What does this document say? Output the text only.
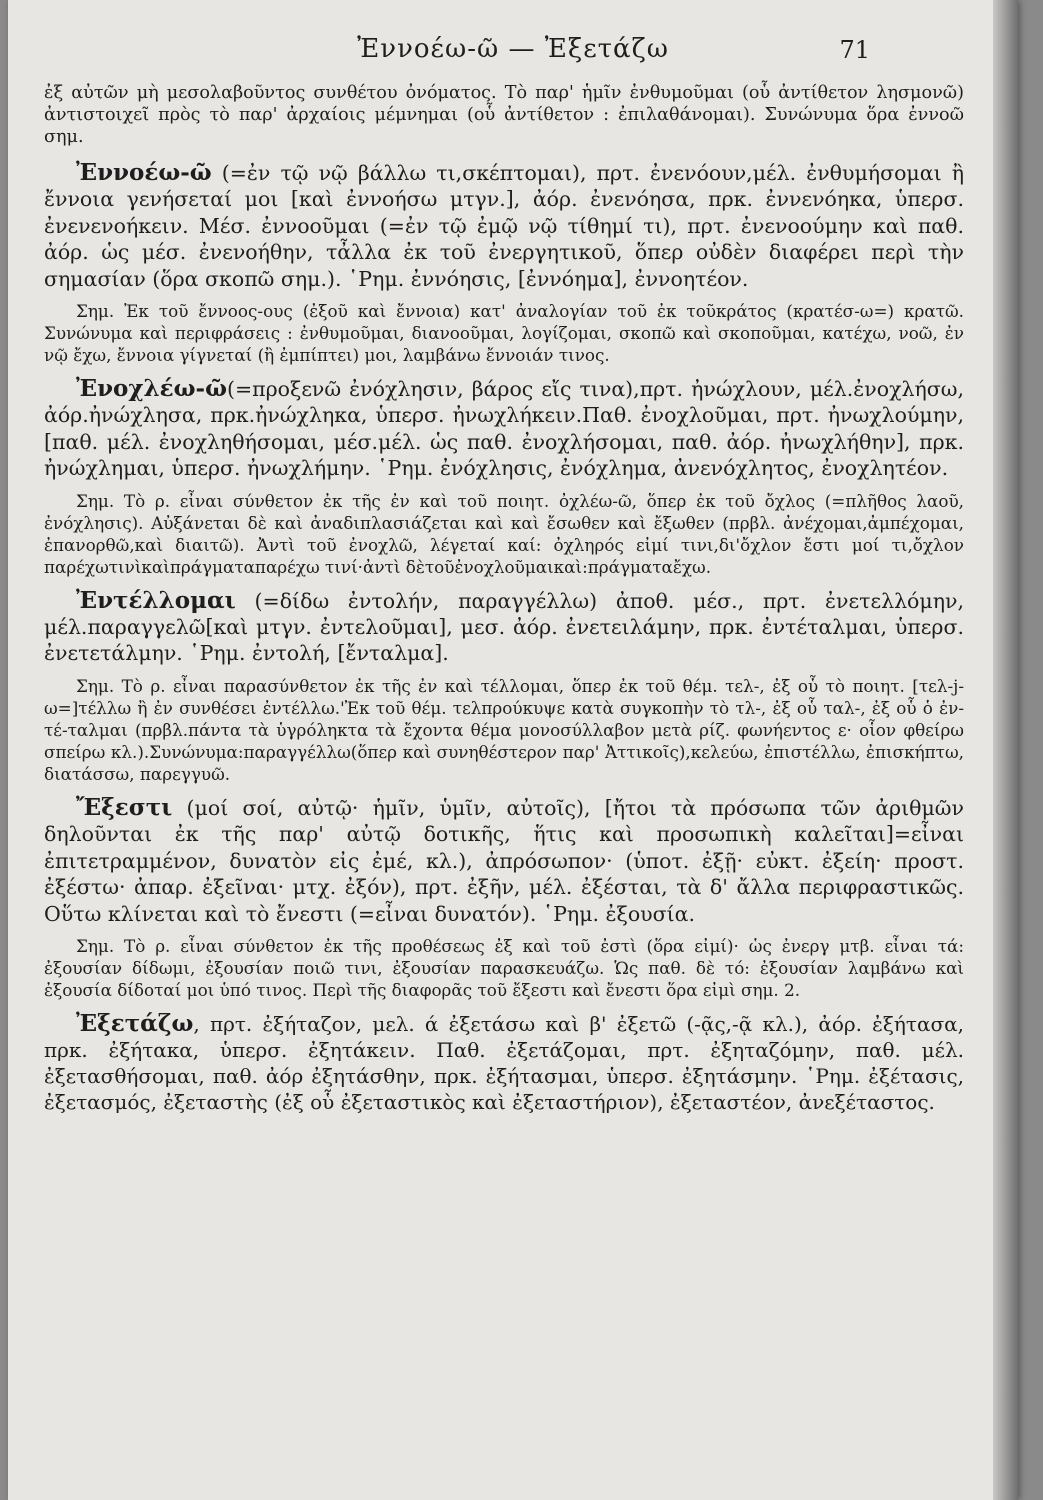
Ἐννοέω-ῶ — Ἐξετάζω	71

ἐξ αὐτῶν μὴ μεσολαβοῦντος συνθέτου ὀνόματος. Τὸ παρ' ἡμῖν ἐνθυμοῦμαι (οὗ ἀντίθετον λησμονῶ) ἀντιστοιχεῖ πρὸς τὸ παρ' ἀρχαίοις μέμνημαι (οὗ ἀντίθετον : ἐπιλαθάνομαι). Συνώνυμα ὅρα ἐννοῶ σημ.

Ἐννοέω-ῶ (=ἐν τῷ νῷ βάλλω τι,σκέπτομαι), πρτ. ἐνενόουν,μέλ. ἐνθυμήσομαι ἢ ἔννοια γενήσεταί μοι [καὶ ἐννοήσω μτγν.], ἀόρ. ἐνενόησα, πρκ. ἐννενόηκα, ὑπερσ. ἐνενενοήκειν. Μέσ. ἐννοοῦμαι (=ἐν τῷ ἐμῷ νῷ τίθημί τι), πρτ. ἐνενοούμην καὶ παθ. ἀόρ. ὡς μέσ. ἐνενοήθην, τἆλλα ἐκ τοῦ ἐνεργητικοῦ, ὅπερ οὐδὲν διαφέρει περὶ τὴν σημασίαν (ὅρα σκοπῶ σημ.). ῾Ρημ. ἐννόησις, [ἐννόημα], ἐννοητέον.

Σημ. Ἐκ τοῦ ἔννοος-ους (ἐξοῦ καὶ ἔννοια) κατ' ἀναλογίαν τοῦ ἐκ τοῦκράτος (κρατέσ-ω=) κρατῶ. Συνώνυμα καὶ περιφράσεις : ἐνθυμοῦμαι, διανοοῦμαι, λογίζομαι, σκοπῶ καὶ σκοποῦμαι, κατέχω, νοῶ, ἐν νῷ ἔχω, ἔννοια γίγνεταί (ἢ ἐμπίπτει) μοι, λαμβάνω ἔννοιάν τινος.

Ἐνοχλέω-ῶ(=προξενῶ ἐνόχλησιν, βάρος εἴς τινα),πρτ. ἠνώχλουν, μέλ.ἐνοχλήσω, ἀόρ.ἠνώχλησα, πρκ.ἠνώχληκα, ὑπερσ. ἠνωχλήκειν.Παθ. ἐνοχλοῦμαι, πρτ. ἠνωχλούμην, [παθ. μέλ. ἐνοχληθήσομαι, μέσ.μέλ. ὡς παθ. ἐνοχλήσομαι, παθ. ἀόρ. ἠνωχλήθην], πρκ. ἠνώχλημαι, ὑπερσ. ἠνωχλήμην. ῾Ρημ. ἐνόχλησις, ἐνόχλημα, ἀνενόχλητος, ἐνοχλητέον.

Σημ. Τὸ ρ. εἶναι σύνθετον ἐκ τῆς ἐν καὶ τοῦ ποιητ. ὀχλέω-ῶ, ὅπερ ἐκ τοῦ ὄχλος (=πλῆθος λαοῦ, ἐνόχλησις). Αὐξάνεται δὲ καὶ ἀναδιπλασιάζεται καὶ καὶ ἔσωθεν καὶ ἔξωθεν (πρβλ. ἀνέχομαι,ἀμπέχομαι, ἐπανορθῶ,καὶ διαιτῶ). Ἀντὶ τοῦ ἐνοχλῶ, λέγεταί καί: ὀχληρός εἰμί τινι,δι'ὄχλον ἔστι μοί τι,ὄχλον παρέχωτινὶκαὶπράγματαπαρέχω τινί·ἀντὶ δὲτοῦἐνοχλοῦμαικαὶ:πράγματαἔχω.

Ἐντέλλομαι (=δίδω ἐντολήν, παραγγέλλω) ἀποθ. μέσ., πρτ. ἐνετελλόμην, μέλ.παραγγελῶ[καὶ μτγν. ἐντελοῦμαι], μεσ. ἀόρ. ἐνετειλάμην, πρκ. ἐντέταλμαι, ὑπερσ. ἐνετετάλμην. ῾Ρημ. ἐντολή, [ἔνταλμα].

Σημ. Τὸ ρ. εἶναι παρασύνθετον ἐκ τῆς ἐν καὶ τέλλομαι, ὅπερ ἐκ τοῦ θέμ. τελ-, ἐξ οὗ τὸ ποιητ. [τελ-j-ω=]τέλλω ἢ ἐν συνθέσει ἐντέλλω.'Ἐκ τοῦ θέμ. τελπρούκυψε κατὰ συγκοπὴν τὸ τλ-, ἐξ οὗ ταλ-, ἐξ οὗ ὁ ἐν-τέ-ταλμαι (πρβλ.πάντα τὰ ὑγρόληκτα τὰ ἔχοντα θέμα μονοσύλλαβον μετὰ ρίζ. φωνήεντος ε· οἷον φθείρω σπείρω κλ.).Συνώνυμα:παραγγέλλω(ὅπερ καὶ συνηθέστερον παρ' Ἀττικοῖς),κελεύω, ἐπιστέλλω, ἐπισκήπτω, διατάσσω, παρεγγυῶ.

Ἔξεστι (μοί σοί, αὐτῷ· ἡμῖν, ὑμῖν, αὐτοῖς), [ἤτοι τὰ πρόσωπα τῶν ἀριθμῶν δηλοῦνται ἐκ τῆς παρ' αὐτῷ δοτικῆς, ἥτις καὶ προσωπικὴ καλεῖται]=εἶναι ἐπιτετραμμένον, δυνατὸν εἰς ἐμέ, κλ.), ἀπρόσωπον· (ὑποτ. ἐξῇ· εὐκτ. ἐξείη· προστ. ἐξέστω· ἀπαρ. ἐξεῖναι· μτχ. ἐξόν), πρτ. ἐξῆν, μέλ. ἐξέσται, τὰ δ' ἄλλα περιφραστικῶς. Οὕτω κλίνεται καὶ τὸ ἔνεστι (=εἶναι δυνατόν). ῾Ρημ. ἐξουσία.

Σημ. Τὸ ρ. εἶναι σύνθετον ἐκ τῆς προθέσεως ἐξ καὶ τοῦ ἐστὶ (ὅρα εἰμί)· ὡς ἐνεργ μτβ. εἶναι τά: ἐξουσίαν δίδωμι, ἐξουσίαν ποιῶ τινι, ἐξουσίαν παρασκευάζω. Ὡς παθ. δὲ τό: ἐξουσίαν λαμβάνω καὶ ἐξουσία δίδοταί μοι ὑπό τινος. Περὶ τῆς διαφορᾶς τοῦ ἔξεστι καὶ ἔνεστι ὅρα εἰμὶ σημ. 2.

Ἐξετάζω, πρτ. ἐξήταζον, μελ. ά ἐξετάσω καὶ β' ἐξετῶ (-ᾷς,-ᾷ κλ.), ἀόρ. ἐξήτασα, πρκ. ἐξήτακα, ὑπερσ. ἐξητάκειν. Παθ. ἐξετάζομαι, πρτ. ἐξηταζόμην, παθ. μέλ. ἐξετασθήσομαι, παθ. ἀόρ ἐξητάσθην, πρκ. ἐξήτασμαι, ὑπερσ. ἐξητάσμην. ῾Ρημ. ἐξέτασις, ἐξετασμός, ἐξεταστὴς (ἐξ οὗ ἐξεταστικὸς καὶ ἐξεταστήριον), ἐξεταστέον, ἀνεξέταστος.
